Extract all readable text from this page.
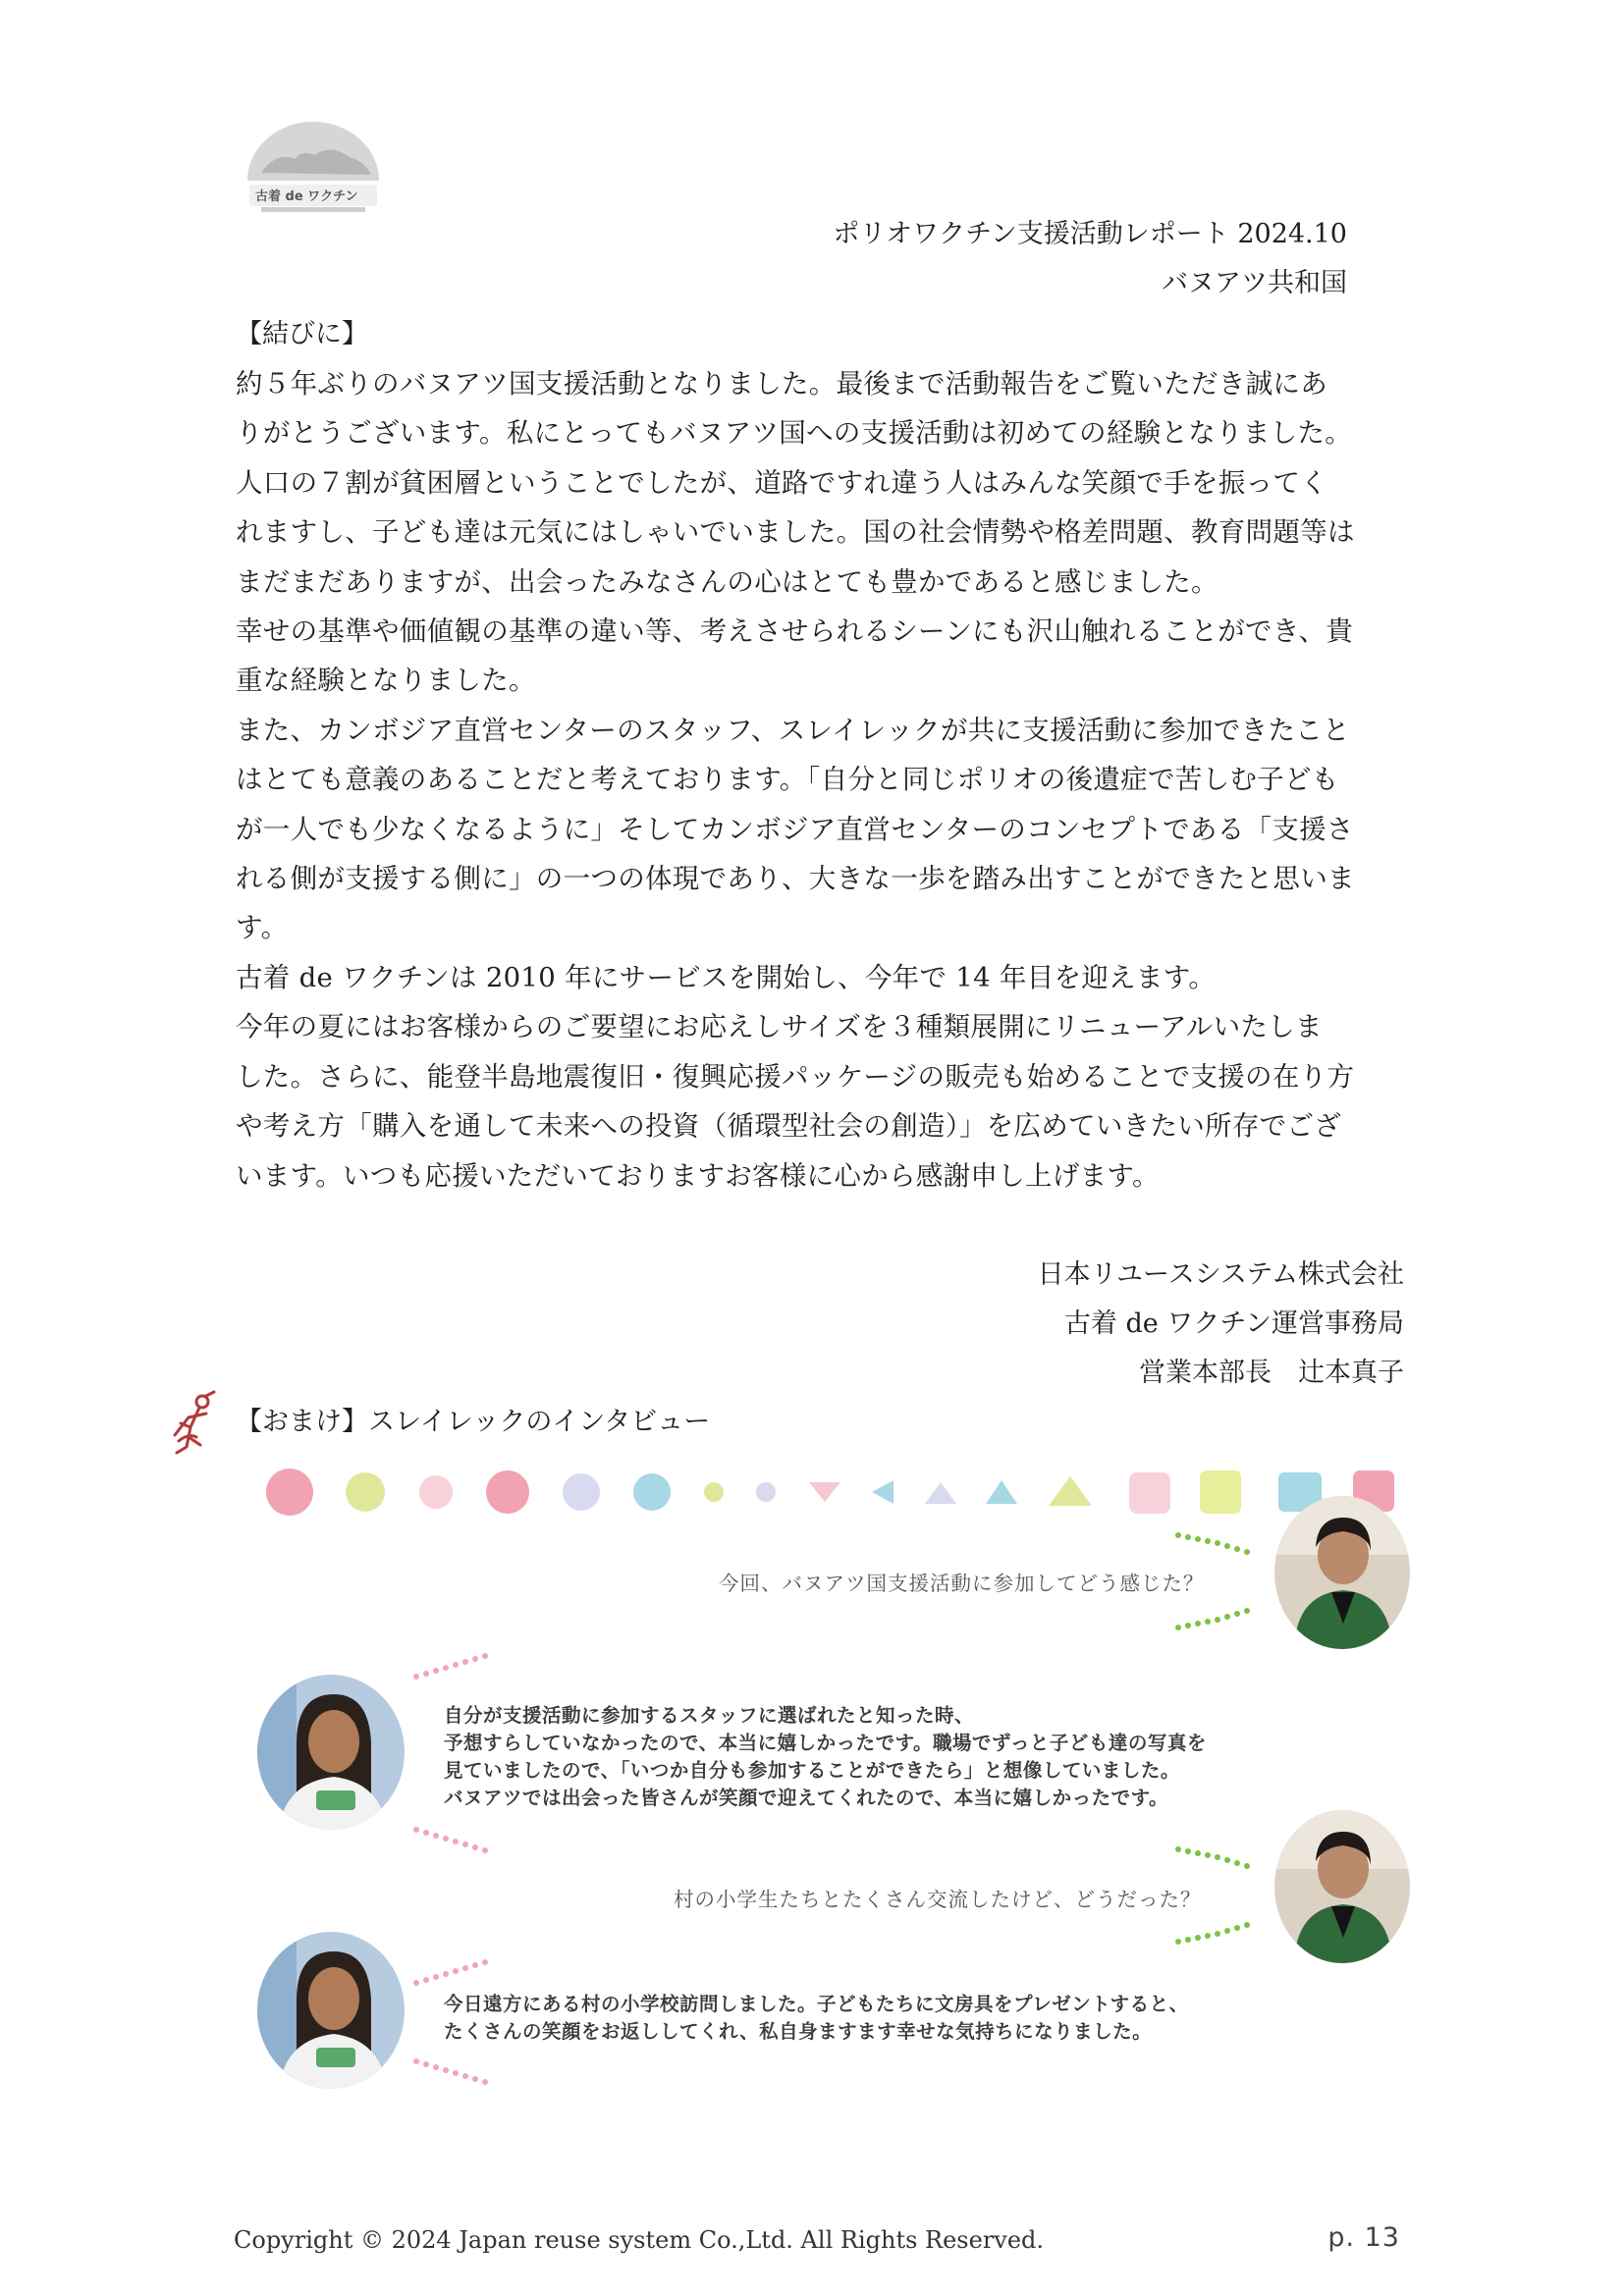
古着 de ワクチン
ポリオワクチン支援活動レポート 2024.10
バヌアツ共和国
【結びに】

約５年ぶりのバヌアツ国支援活動となりました。最後まで活動報告をご覧いただき誠にあ

りがとうございます。私にとってもバヌアツ国への支援活動は初めての経験となりました。

人口の７割が貧困層ということでしたが、道路ですれ違う人はみんな笑顔で手を振ってく

れますし、子ども達は元気にはしゃいでいました。国の社会情勢や格差問題、教育問題等は

まだまだありますが、出会ったみなさんの心はとても豊かであると感じました。

幸せの基準や価値観の基準の違い等、考えさせられるシーンにも沢山触れることができ、貴

重な経験となりました。

また、カンボジア直営センターのスタッフ、スレイレックが共に支援活動に参加できたこと

はとても意義のあることだと考えております。「自分と同じポリオの後遺症で苦しむ子ども

が一人でも少なくなるように」そしてカンボジア直営センターのコンセプトである「支援さ

れる側が支援する側に」の一つの体現であり、大きな一歩を踏み出すことができたと思いま

す。

古着 de ワクチンは 2010 年にサービスを開始し、今年で 14 年目を迎えます。

今年の夏にはお客様からのご要望にお応えしサイズを３種類展開にリニューアルいたしま

した。さらに、能登半島地震復旧・復興応援パッケージの販売も始めることで支援の在り方

や考え方「購入を通して未来への投資（循環型社会の創造）」を広めていきたい所存でござ

います。いつも応援いただいておりますお客様に心から感謝申し上げます。

日本リユースシステム株式会社
古着 de ワクチン運営事務局
営業本部長　辻本真子
【おまけ】スレイレックのインタビュー
今回、バヌアツ国支援活動に参加してどう感じた？
自分が支援活動に参加するスタッフに選ばれたと知った時、
予想すらしていなかったので、本当に嬉しかったです。職場でずっと子ども達の写真を
見ていましたので、「いつか自分も参加することができたら」と想像していました。
バヌアツでは出会った皆さんが笑顔で迎えてくれたので、本当に嬉しかったです。
村の小学生たちとたくさん交流したけど、どうだった？
今日遠方にある村の小学校訪問しました。子どもたちに文房具をプレゼントすると、
たくさんの笑顔をお返ししてくれ、私自身ますます幸せな気持ちになりました。
Copyright © 2024 Japan reuse system Co.,Ltd. All Rights Reserved.	p. 13
